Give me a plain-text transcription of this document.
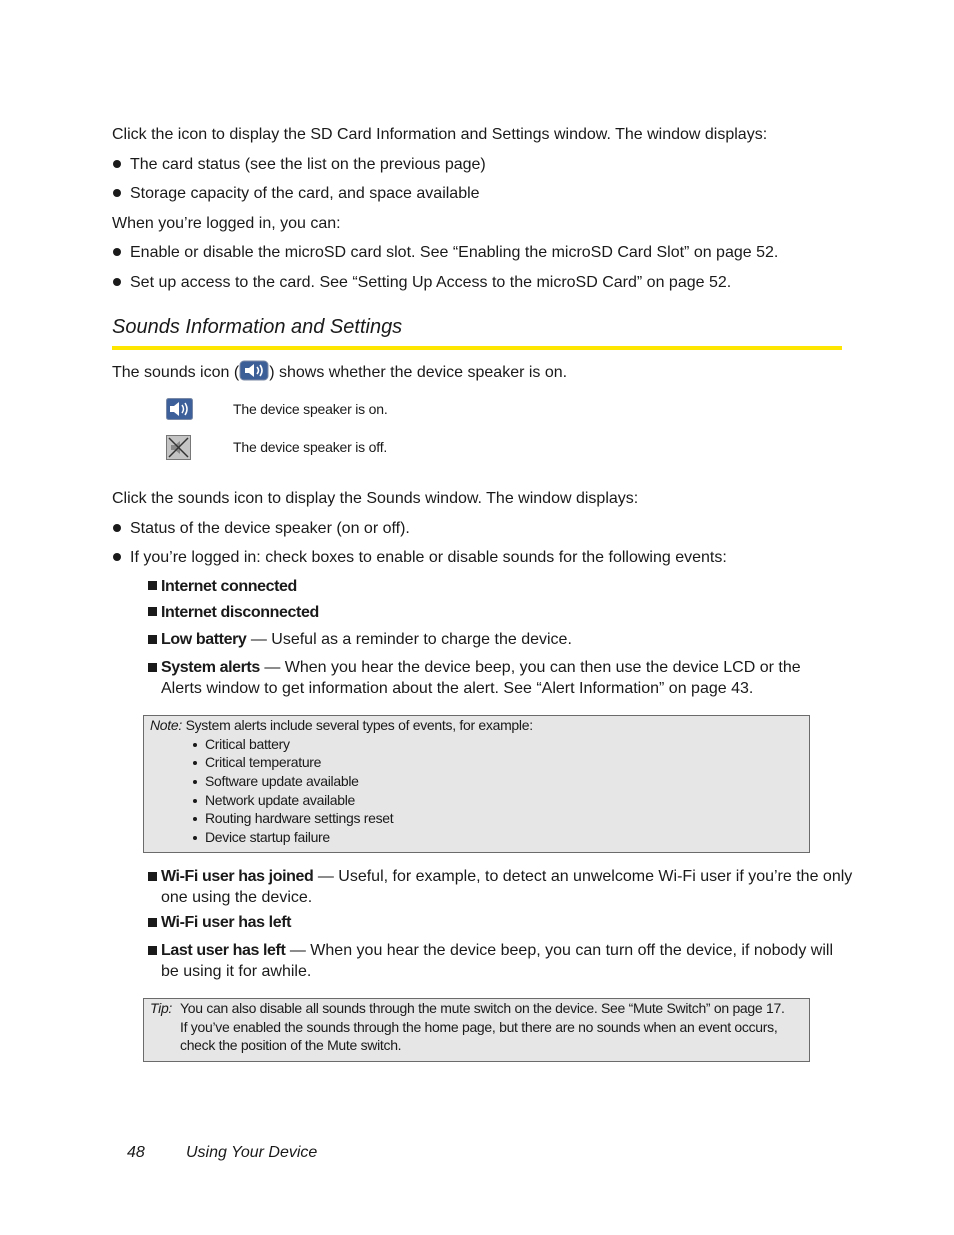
Click the icon to display the SD Card Information and Settings window. The window displays:
The card status (see the list on the previous page)
Storage capacity of the card, and space available
When you’re logged in, you can:
Enable or disable the microSD card slot. See “Enabling the microSD Card Slot” on page 52.
Set up access to the card. See “Setting Up Access to the microSD Card” on page 52.
Sounds Information and Settings
The sounds icon ( ) shows whether the device speaker is on.
The device speaker is on.
The device speaker is off.
Click the sounds icon to display the Sounds window. The window displays:
Status of the device speaker (on or off).
If you’re logged in: check boxes to enable or disable sounds for the following events:
Internet connected
Internet disconnected
Low battery — Useful as a reminder to charge the device.
System alerts — When you hear the device beep, you can then use the device LCD or the
Alerts window to get information about the alert. See “Alert Information” on page 43.
Note: System alerts include several types of events, for example:
Critical battery
Critical temperature
Software update available
Network update available
Routing hardware settings reset
Device startup failure
Wi-Fi user has joined — Useful, for example, to detect an unwelcome Wi-Fi user if you’re the only
one using the device.
Wi-Fi user has left
Last user has left — When you hear the device beep, you can turn off the device, if nobody will
be using it for awhile.
Tip: You can also disable all sounds through the mute switch on the device. See “Mute Switch” on page 17.
If you’ve enabled the sounds through the home page, but there are no sounds when an event occurs,
check the position of the Mute switch.
48	Using Your Device
